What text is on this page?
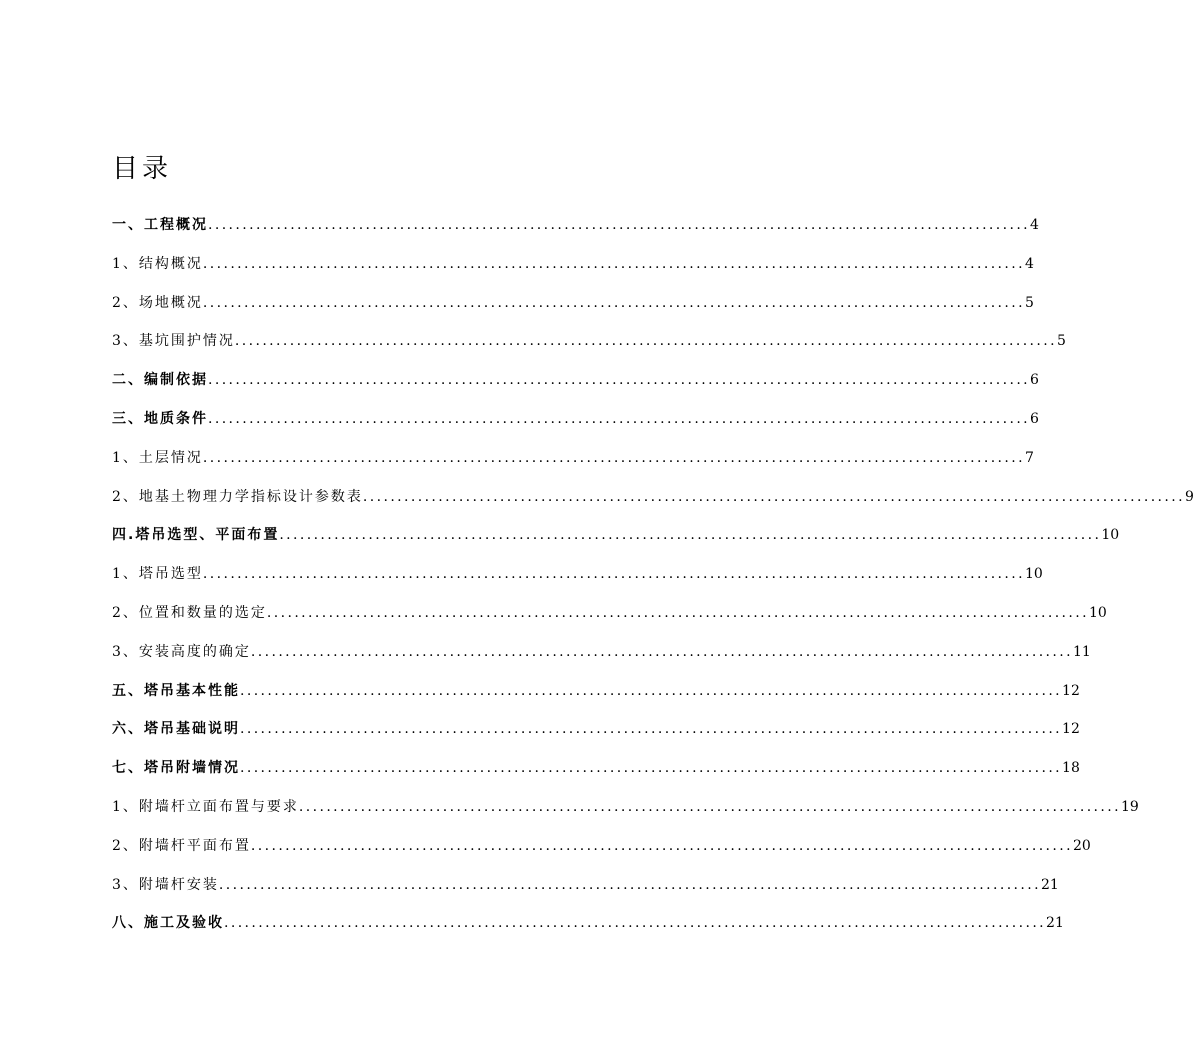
目录
一、工程概况 ........................................................................................................................ 4
1、结构概况 ........................................................................................................................ 4
2、场地概况 ........................................................................................................................ 5
3、基坑围护情况 ........................................................................................................................ 5
二、编制依据 ........................................................................................................................ 6
三、地质条件 ........................................................................................................................ 6
1、土层情况 ........................................................................................................................ 7
2、地基土物理力学指标设计参数表 ........................................................................................................................ 9
四.塔吊选型、平面布置 ........................................................................................................................ 10
1、塔吊选型 ........................................................................................................................ 10
2、位置和数量的选定 ........................................................................................................................ 10
3、安装高度的确定 ........................................................................................................................ 11
五、塔吊基本性能 ........................................................................................................................ 12
六、塔吊基础说明 ........................................................................................................................ 12
七、塔吊附墙情况 ........................................................................................................................ 18
1、附墙杆立面布置与要求 ........................................................................................................................ 19
2、附墙杆平面布置 ........................................................................................................................ 20
3、附墙杆安装 ........................................................................................................................ 21
八、施工及验收 ........................................................................................................................ 21
